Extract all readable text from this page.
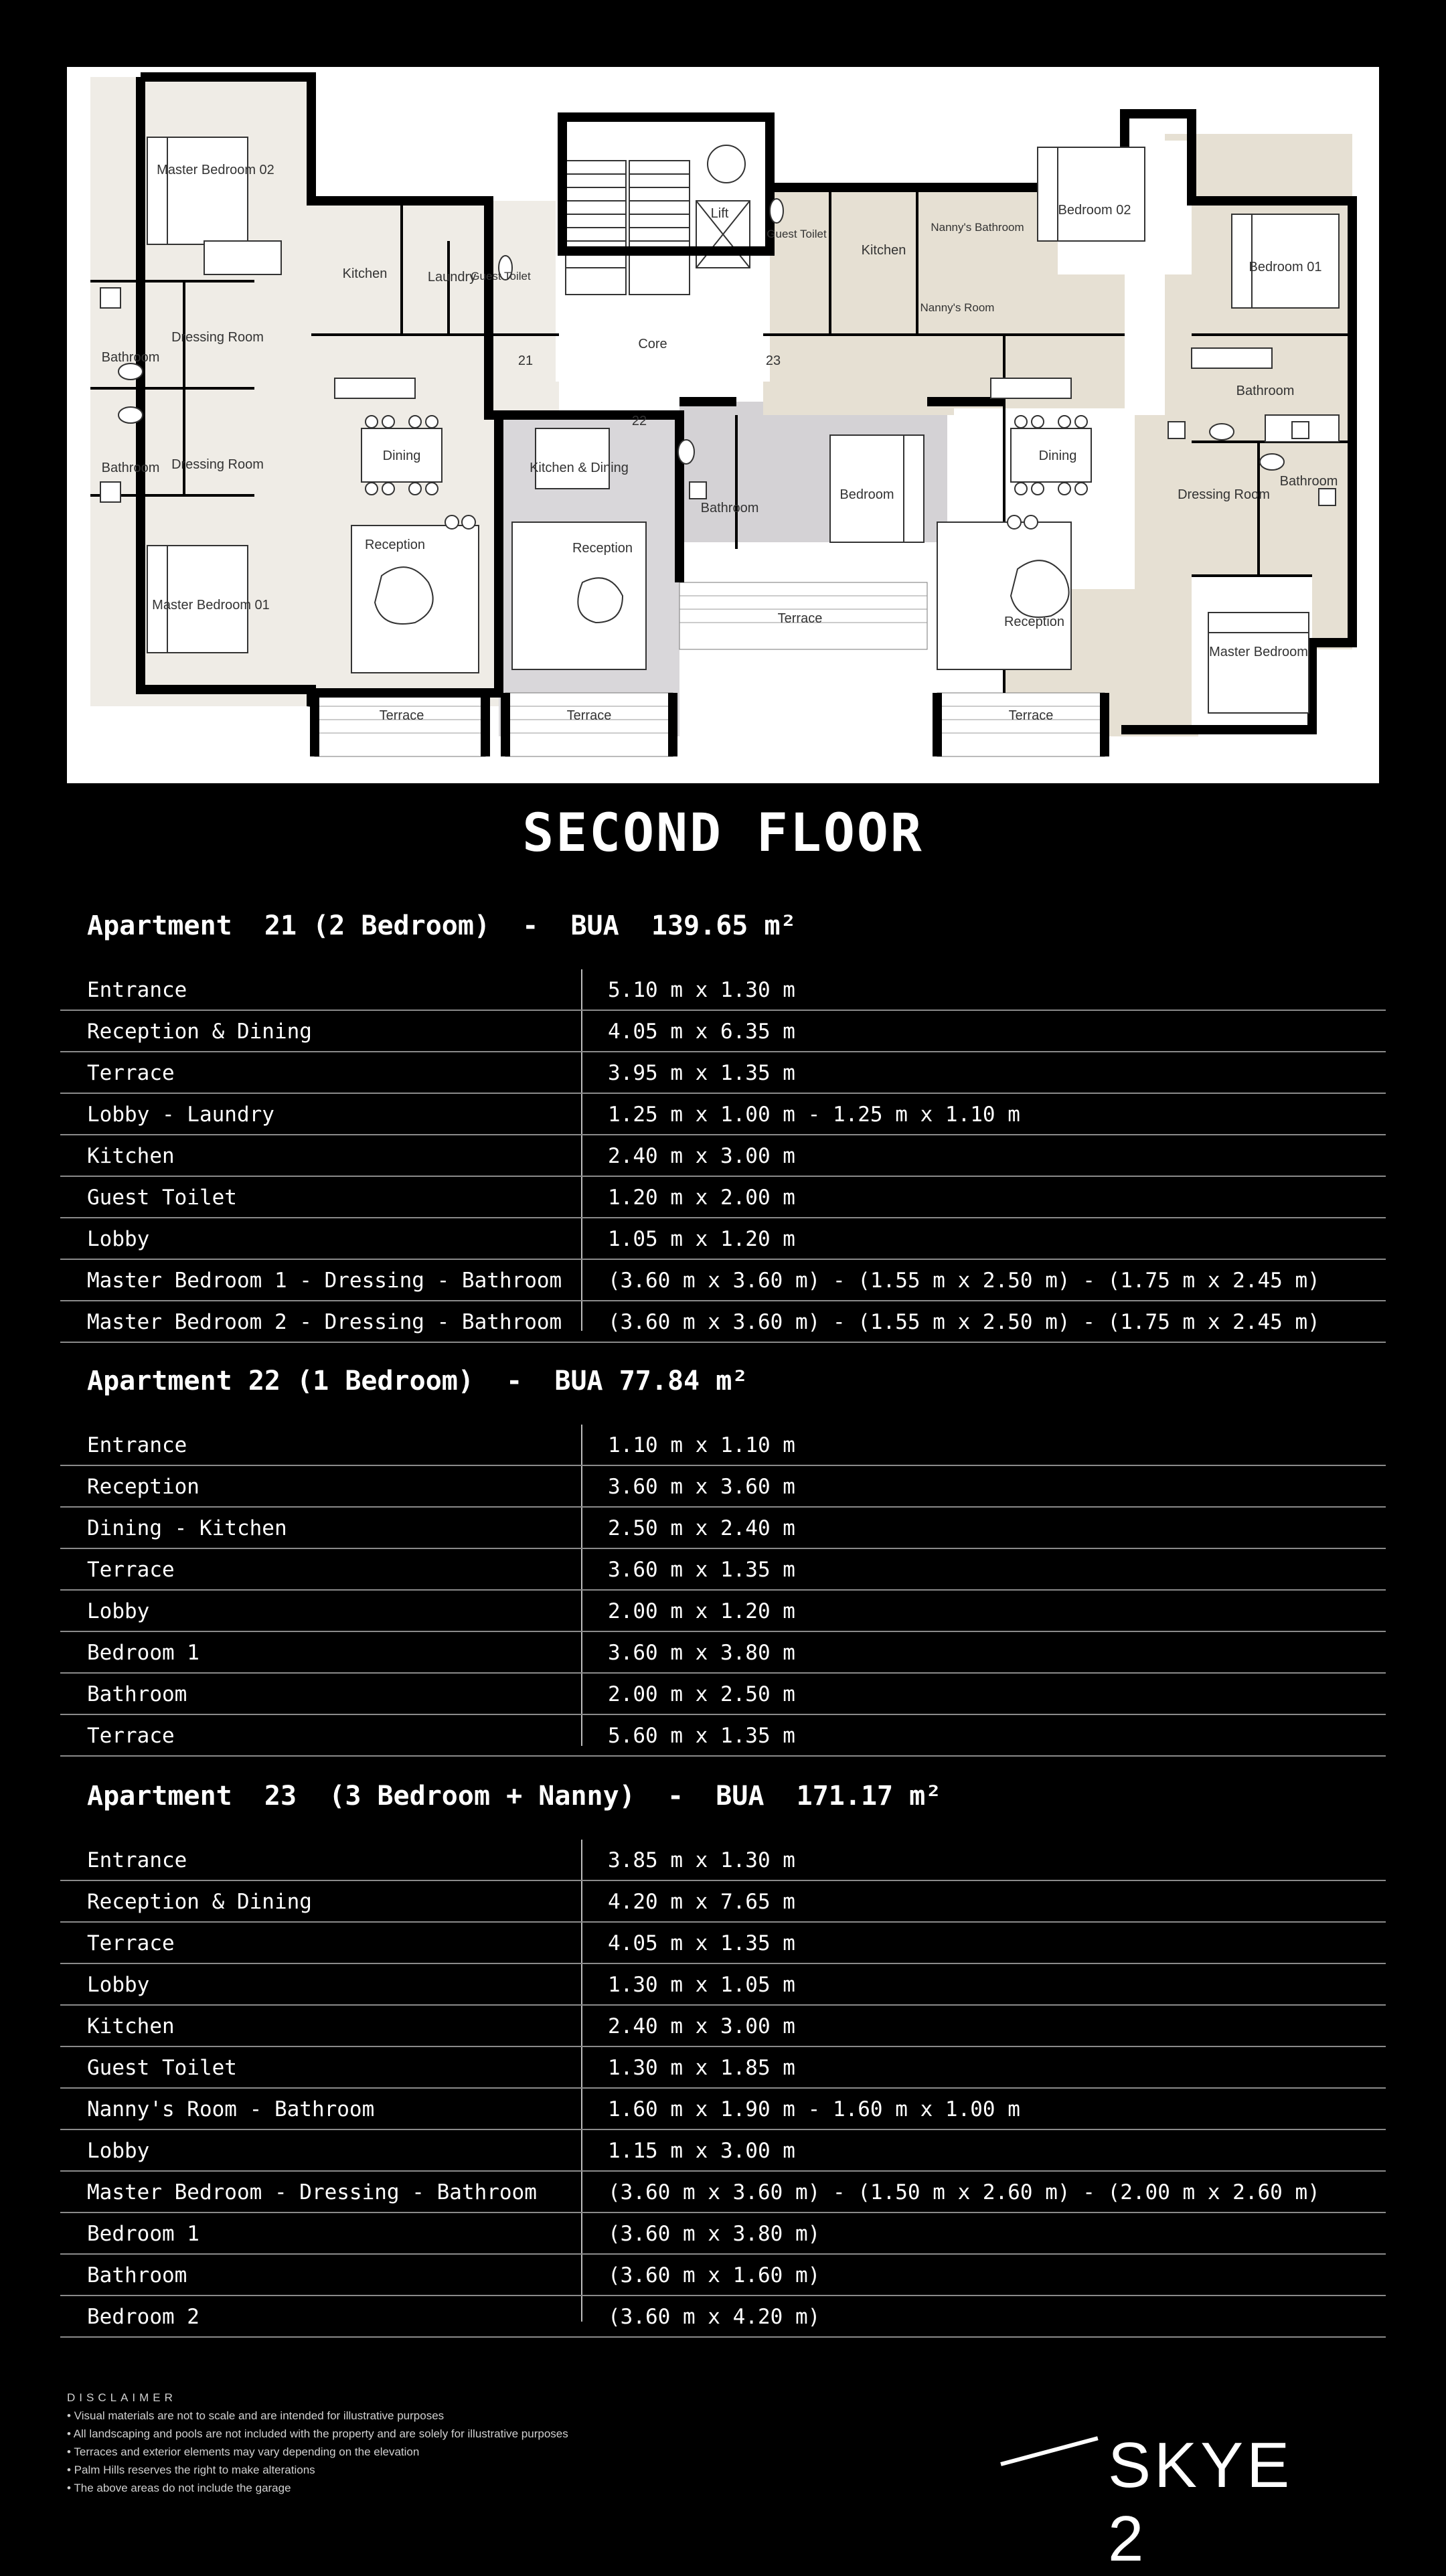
Master Bedroom 02
Kitchen	Laundry
Guest Toilet
Dressing Room
Bathroom
Bathroom Dressing Room
Master Bedroom 01
Dining
Reception
Terrace
21
Lift
Core
22
23
Kitchen & Dining
Reception
Bathroom
Bedroom
Terrace
Terrace
Guest Toilet
Kitchen
Nanny's Bathroom
Nanny's Room
Bedroom 02
Bedroom 01
Bathroom
Dining
Dressing Room
Bathroom
Reception
Terrace
Master Bedroom
SECOND FLOOR
Apartment  21 (2 Bedroom)  -  BUA  139.65 m²
Entrance	5.10 m x 1.30 m
Reception & Dining	4.05 m x 6.35 m
Terrace	3.95 m x 1.35 m
Lobby - Laundry	1.25 m x 1.00 m - 1.25 m x 1.10 m
Kitchen	2.40 m x 3.00 m
Guest Toilet	1.20 m x 2.00 m
Lobby	1.05 m x 1.20 m
Master Bedroom 1 - Dressing - Bathroom (3.60 m x 3.60 m) - (1.55 m x 2.50 m) - (1.75 m x 2.45 m)
Master Bedroom 2 - Dressing - Bathroom (3.60 m x 3.60 m) - (1.55 m x 2.50 m) - (1.75 m x 2.45 m)
Apartment 22 (1 Bedroom)  -  BUA 77.84 m²
Entrance	1.10 m x 1.10 m
Reception	3.60 m x 3.60 m
Dining - Kitchen	2.50 m x 2.40 m
Terrace	3.60 m x 1.35 m
Lobby	2.00 m x 1.20 m
Bedroom 1	3.60 m x 3.80 m
Bathroom	2.00 m x 2.50 m
Terrace	5.60 m x 1.35 m
Apartment  23  (3 Bedroom + Nanny)  -  BUA  171.17 m²
Entrance	3.85 m x 1.30 m
Reception & Dining	4.20 m x 7.65 m
Terrace	4.05 m x 1.35 m
Lobby	1.30 m x 1.05 m
Kitchen	2.40 m x 3.00 m
Guest Toilet	1.30 m x 1.85 m
Nanny's Room - Bathroom	1.60 m x 1.90 m - 1.60 m x 1.00 m
Lobby	1.15 m x 3.00 m
Master Bedroom - Dressing - Bathroom	(3.60 m x 3.60 m) - (1.50 m x 2.60 m) - (2.00 m x 2.60 m)
Bedroom 1	(3.60 m x 3.80 m)
Bathroom	(3.60 m x 1.60 m)
Bedroom 2	(3.60 m x 4.20 m)
DISCLAIMER
• Visual materials are not to scale and are intended for illustrative purposes
• All landscaping and pools are not included with the property and are solely for illustrative purposes
• Terraces and exterior elements may vary depending on the elevation
• Palm Hills reserves the right to make alterations
• The above areas do not include the garage	SKYE 2
